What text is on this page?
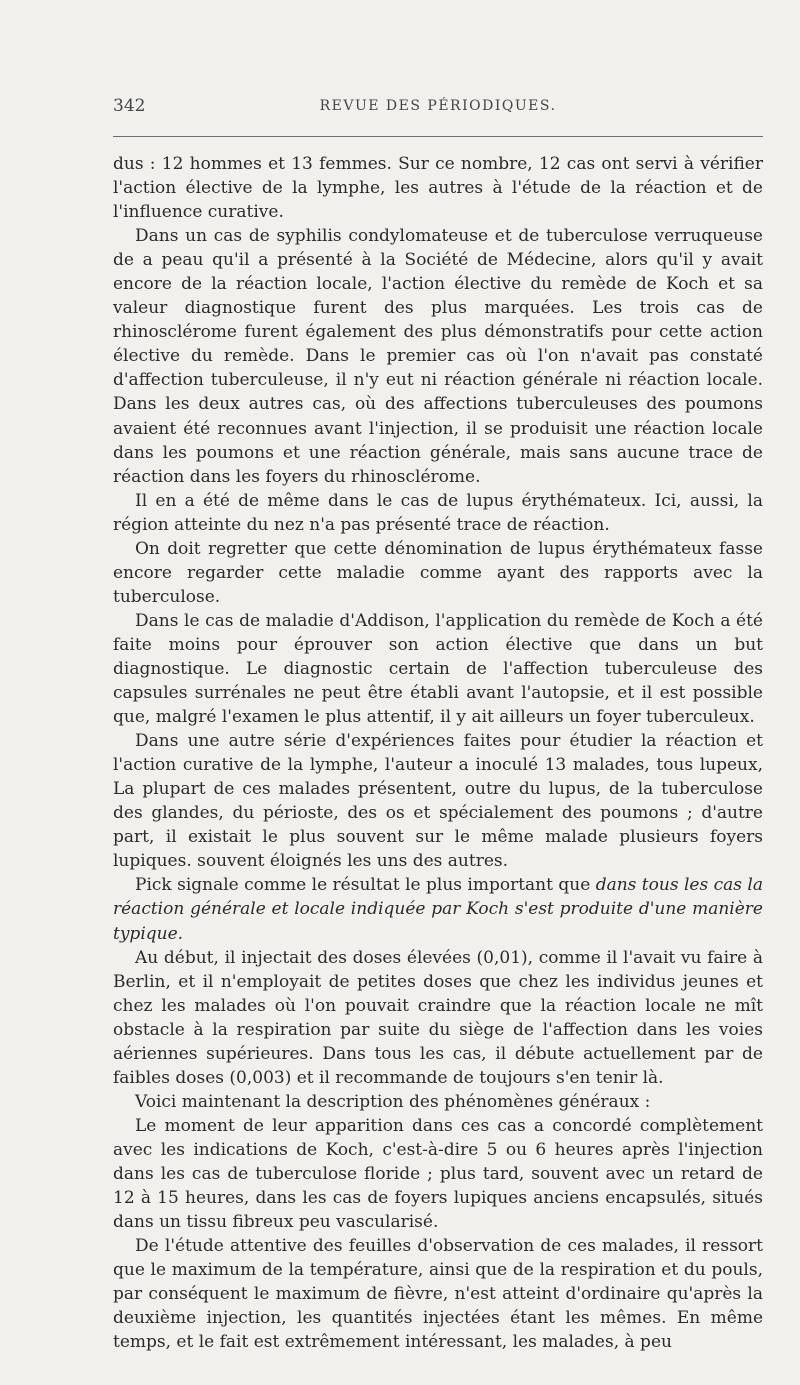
342	REVUE DES PÉRIODIQUES.

dus : 12 hommes et 13 femmes. Sur ce nombre, 12 cas ont servi à vérifier l'action élective de la lymphe, les autres à l'étude de la réaction et de l'influence curative.

Dans un cas de syphilis condylomateuse et de tuberculose verruqueuse de a peau qu'il a présenté à la Société de Médecine, alors qu'il y avait encore de la réaction locale, l'action élective du remède de Koch et sa valeur diagnostique furent des plus marquées. Les trois cas de rhinosclérome furent également des plus démonstratifs pour cette action élective du remède. Dans le premier cas où l'on n'avait pas constaté d'affection tuberculeuse, il n'y eut ni réaction générale ni réaction locale. Dans les deux autres cas, où des affections tuberculeuses des poumons avaient été reconnues avant l'injection, il se produisit une réaction locale dans les poumons et une réaction générale, mais sans aucune trace de réaction dans les foyers du rhinosclérome.

Il en a été de même dans le cas de lupus érythémateux. Ici, aussi, la région atteinte du nez n'a pas présenté trace de réaction.

On doit regretter que cette dénomination de lupus érythémateux fasse encore regarder cette maladie comme ayant des rapports avec la tuberculose.

Dans le cas de maladie d'Addison, l'application du remède de Koch a été faite moins pour éprouver son action élective que dans un but diagnostique. Le diagnostic certain de l'affection tuberculeuse des capsules surrénales ne peut être établi avant l'autopsie, et il est possible que, malgré l'examen le plus attentif, il y ait ailleurs un foyer tuberculeux.

Dans une autre série d'expériences faites pour étudier la réaction et l'action curative de la lymphe, l'auteur a inoculé 13 malades, tous lupeux, La plupart de ces malades présentent, outre du lupus, de la tuberculose des glandes, du périoste, des os et spécialement des poumons ; d'autre part, il existait le plus souvent sur le même malade plusieurs foyers lupiques. souvent éloignés les uns des autres.

Pick signale comme le résultat le plus important que dans tous les cas la réaction générale et locale indiquée par Koch s'est produite d'une manière typique.

Au début, il injectait des doses élevées (0,01), comme il l'avait vu faire à Berlin, et il n'employait de petites doses que chez les individus jeunes et chez les malades où l'on pouvait craindre que la réaction locale ne mît obstacle à la respiration par suite du siège de l'affection dans les voies aériennes supérieures. Dans tous les cas, il débute actuellement par de faibles doses (0,003) et il recommande de toujours s'en tenir là.

Voici maintenant la description des phénomènes généraux :

Le moment de leur apparition dans ces cas a concordé complètement avec les indications de Koch, c'est-à-dire 5 ou 6 heures après l'injection dans les cas de tuberculose floride ; plus tard, souvent avec un retard de 12 à 15 heures, dans les cas de foyers lupiques anciens encapsulés, situés dans un tissu fibreux peu vascularisé.

De l'étude attentive des feuilles d'observation de ces malades, il ressort que le maximum de la température, ainsi que de la respiration et du pouls, par conséquent le maximum de fièvre, n'est atteint d'ordinaire qu'après la deuxième injection, les quantités injectées étant les mêmes. En même temps, et le fait est extrêmement intéressant, les malades, à peu
